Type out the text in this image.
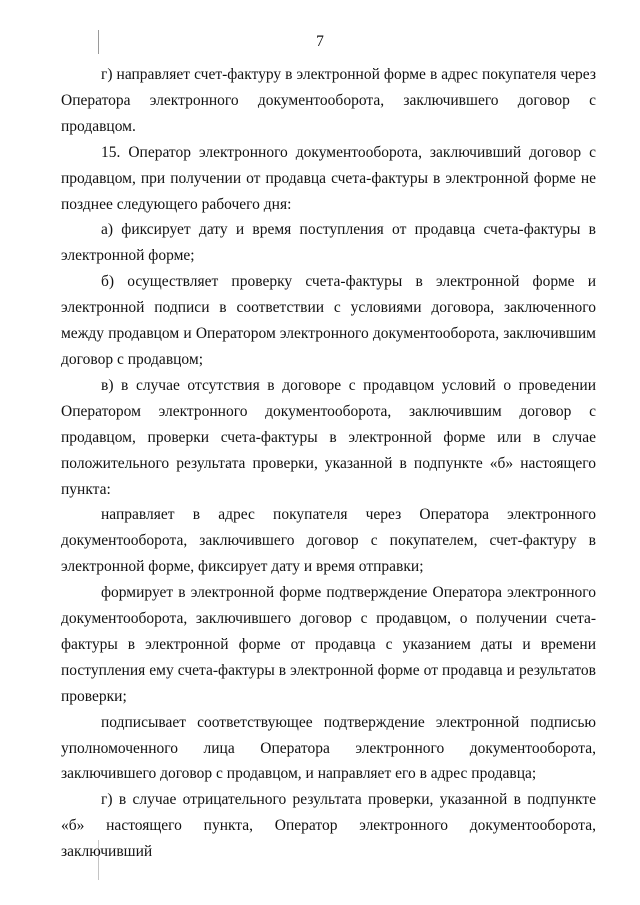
7

г) направляет счет-фактуру в электронной форме в адрес покупателя через Оператора электронного документооборота, заключившего договор с продавцом.

15. Оператор электронного документооборота, заключивший договор с продавцом, при получении от продавца счета-фактуры в электронной форме не позднее следующего рабочего дня:

а) фиксирует дату и время поступления от продавца счета-фактуры в электронной форме;

б) осуществляет проверку счета-фактуры в электронной форме и электронной подписи в соответствии с условиями договора, заключенного между продавцом и Оператором электронного документооборота, заключившим договор с продавцом;

в) в случае отсутствия в договоре с продавцом условий о проведении Оператором электронного документооборота, заключившим договор с продавцом, проверки счета-фактуры в электронной форме или в случае положительного результата проверки, указанной в подпункте «б» настоящего пункта:

направляет в адрес покупателя через Оператора электронного документооборота, заключившего договор с покупателем, счет-фактуру в электронной форме, фиксирует дату и время отправки;

формирует в электронной форме подтверждение Оператора электронного документооборота, заключившего договор с продавцом, о получении счета-фактуры в электронной форме от продавца с указанием даты и времени поступления ему счета-фактуры в электронной форме от продавца и результатов проверки;

подписывает соответствующее подтверждение электронной подписью уполномоченного лица Оператора электронного документооборота, заключившего договор с продавцом, и направляет его в адрес продавца;

г) в случае отрицательного результата проверки, указанной в подпункте «б» настоящего пункта, Оператор электронного документооборота, заключивший
